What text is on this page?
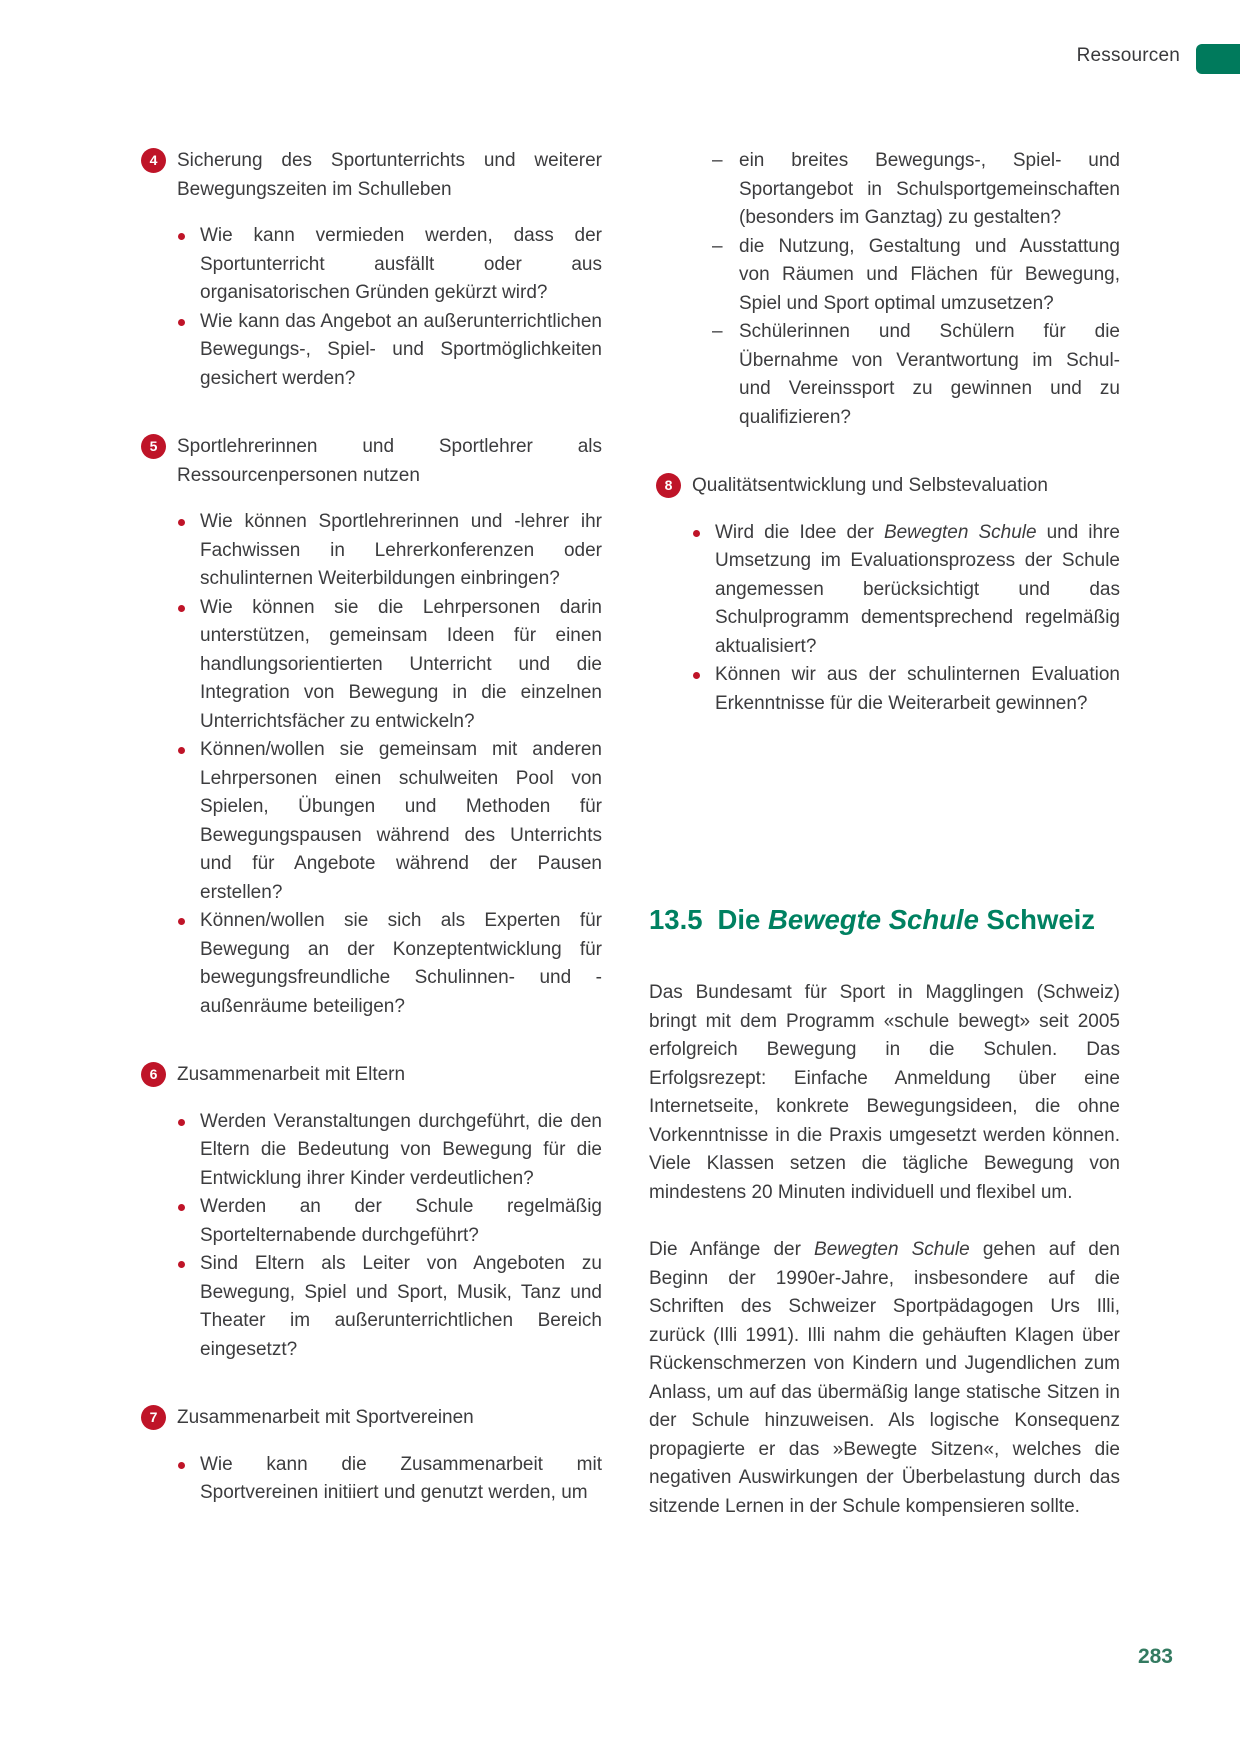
Ressourcen
4	Sicherung des Sportunterrichts und weiterer Bewegungszeiten im Schulleben
Wie kann vermieden werden, dass der Sportunterricht ausfällt oder aus organisatorischen Gründen gekürzt wird?
Wie kann das Angebot an außerunterrichtlichen Bewegungs-, Spiel- und Sportmöglichkeiten gesichert werden?
5	Sportlehrerinnen und Sportlehrer als Ressourcenpersonen nutzen
Wie können Sportlehrerinnen und -lehrer ihr Fachwissen in Lehrerkonferenzen oder schulinternen Weiterbildungen einbringen?
Wie können sie die Lehrpersonen darin unterstützen, gemeinsam Ideen für einen handlungsorientierten Unterricht und die Integration von Bewegung in die einzelnen Unterrichtsfächer zu entwickeln?
Können/wollen sie gemeinsam mit anderen Lehrpersonen einen schulweiten Pool von Spielen, Übungen und Methoden für Bewegungspausen während des Unterrichts und für Angebote während der Pausen erstellen?
Können/wollen sie sich als Experten für Bewegung an der Konzeptentwicklung für bewegungsfreundliche Schulinnen- und -außenräume beteiligen?
6	Zusammenarbeit mit Eltern
Werden Veranstaltungen durchgeführt, die den Eltern die Bedeutung von Bewegung für die Entwicklung ihrer Kinder verdeutlichen?
Werden an der Schule regelmäßig Sportelternabende durchgeführt?
Sind Eltern als Leiter von Angeboten zu Bewegung, Spiel und Sport, Musik, Tanz und Theater im außerunterrichtlichen Bereich eingesetzt?
7	Zusammenarbeit mit Sportvereinen
Wie kann die Zusammenarbeit mit Sportvereinen initiiert und genutzt werden, um
– ein breites Bewegungs-, Spiel- und Sportangebot in Schulsportgemeinschaften (besonders im Ganztag) zu gestalten?
– die Nutzung, Gestaltung und Ausstattung von Räumen und Flächen für Bewegung, Spiel und Sport optimal umzusetzen?
– Schülerinnen und Schülern für die Übernahme von Verantwortung im Schul- und Vereinssport zu gewinnen und zu qualifizieren?
8	Qualitätsentwicklung und Selbstevaluation
Wird die Idee der Bewegten Schule und ihre Umsetzung im Evaluationsprozess der Schule angemessen berücksichtigt und das Schulprogramm dementsprechend regelmäßig aktualisiert?
Können wir aus der schulinternen Evaluation Erkenntnisse für die Weiterarbeit gewinnen?
13.5 Die Bewegte Schule Schweiz

Das Bundesamt für Sport in Magglingen (Schweiz) bringt mit dem Programm «schule bewegt» seit 2005 erfolgreich Bewegung in die Schulen. Das Erfolgsrezept: Einfache Anmeldung über eine Internetseite, konkrete Bewegungsideen, die ohne Vorkenntnisse in die Praxis umgesetzt werden können. Viele Klassen setzen die tägliche Bewegung von mindestens 20 Minuten individuell und flexibel um.

Die Anfänge der Bewegten Schule gehen auf den Beginn der 1990er-Jahre, insbesondere auf die Schriften des Schweizer Sportpädagogen Urs Illi, zurück (Illi 1991). Illi nahm die gehäuften Klagen über Rückenschmerzen von Kindern und Jugendlichen zum Anlass, um auf das übermäßig lange statische Sitzen in der Schule hinzuweisen. Als logische Konsequenz propagierte er das »Bewegte Sitzen«, welches die negativen Auswirkungen der Überbelastung durch das sitzende Lernen in der Schule kompensieren sollte.

283
